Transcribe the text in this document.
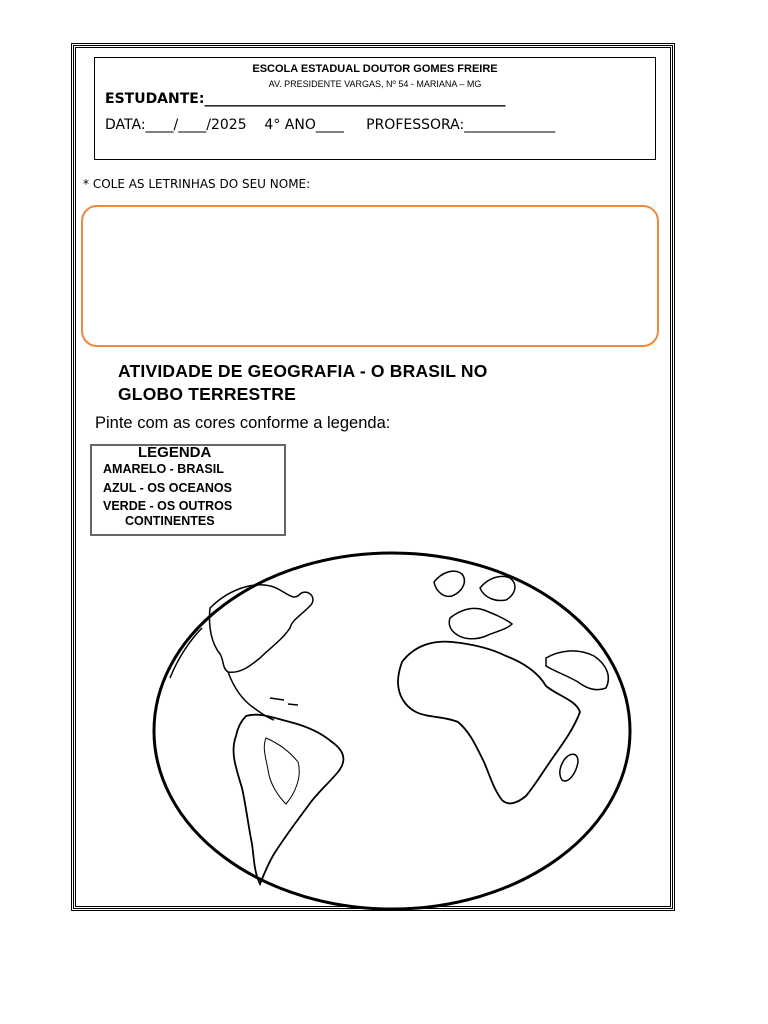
ESCOLA ESTADUAL DOUTOR GOMES FREIRE
AV. PRESIDENTE VARGAS, Nº 54 - MARIANA – MG
ESTUDANTE:___________________________________________
DATA:____/____/2025 4° ANO____ PROFESSORA:_____________
* COLE AS LETRINHAS DO SEU NOME:
ATIVIDADE DE GEOGRAFIA - O BRASIL NO
GLOBO TERRESTRE
Pinte com as cores conforme a legenda:
LEGENDA
AMARELO - BRASIL
AZUL - OS OCEANOS
VERDE - OS OUTROS
CONTINENTES
